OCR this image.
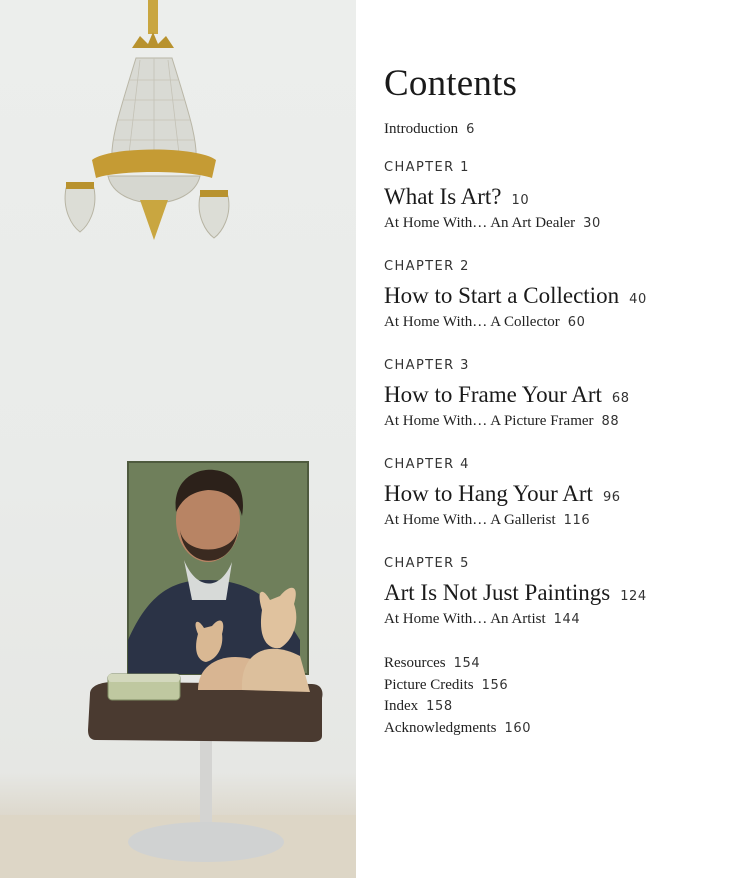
Contents
Introduction 6
CHAPTER 1
What Is Art? 10
At Home With… An Art Dealer 30
CHAPTER 2
How to Start a Collection 40
At Home With… A Collector 60
CHAPTER 3
How to Frame Your Art 68
At Home With… A Picture Framer 88
CHAPTER 4
How to Hang Your Art 96
At Home With… A Gallerist 116
CHAPTER 5
Art Is Not Just Paintings 124
At Home With… An Artist 144
Resources 154
Picture Credits 156
Index 158
Acknowledgments 160
